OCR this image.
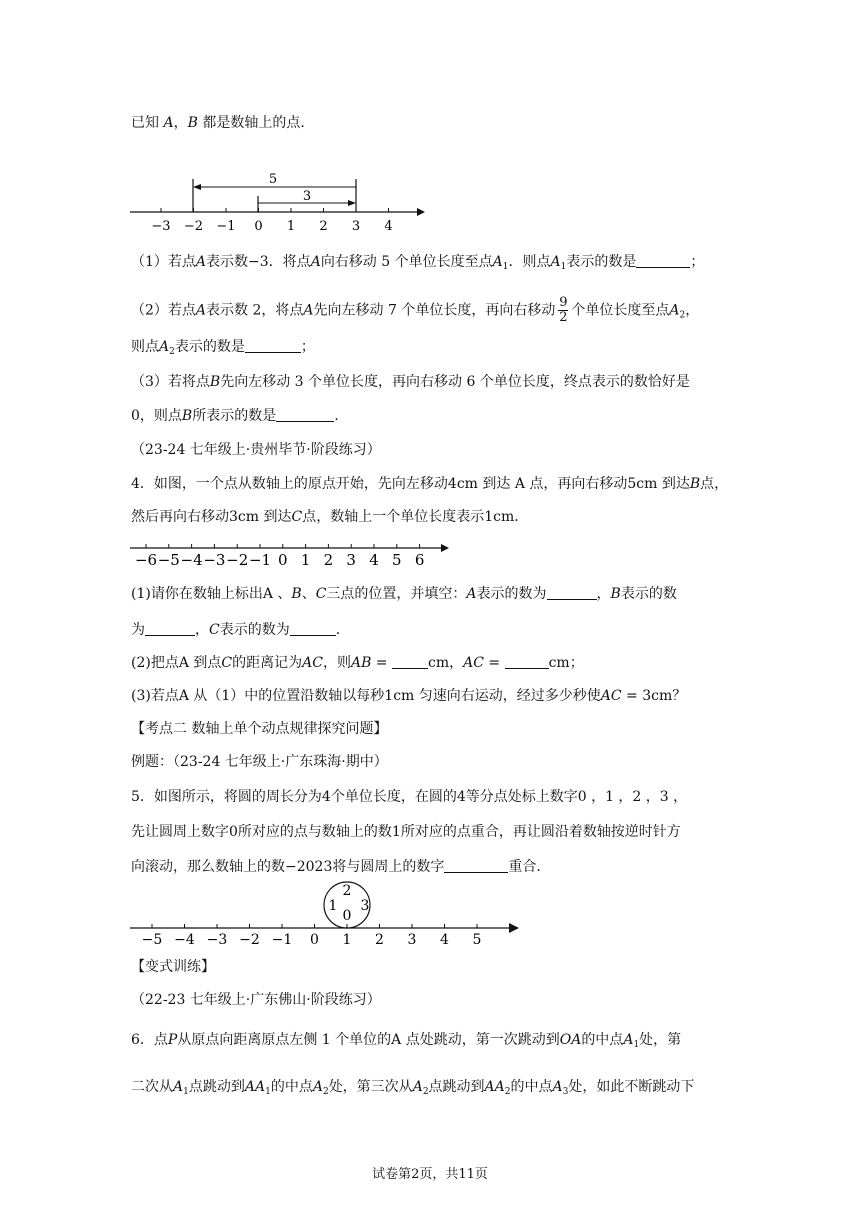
已知 A，B 都是数轴上的点.
−3 −2 −1 0 1 2 3 4
5
3
（1）若点A表示数−3．将点A向右移动 5 个单位长度至点$A_1$．则点$A_1$表示的数是	；
（2）若点A表示数 2，将点A先向左移动 7 个单位长度，再向右移动 $\frac{9}{2}$ 个单位长度至点$A_2$，
则点$A_2$表示的数是	；
（3）若将点B先向左移动 3 个单位长度，再向右移动 6 个单位长度，终点表示的数恰好是
0，则点B所表示的数是	.
（23-24 七年级上·贵州毕节·阶段练习）
4．如图，一个点从数轴上的原点开始，先向左移动4cm 到达 A 点，再向右移动5cm 到达B点，
然后再向右移动3cm 到达C点，数轴上一个单位长度表示1cm．
−6 −5 −4 −3 −2 −1 0 1 2 3 4 5 6
(1)请你在数轴上标出A 、B、C三点的位置，并填空：A表示的数为	，B表示的数
为	，C表示的数为	.
(2)把点A 到点C的距离记为AC，则AB =	cm，AC =	cm；
(3)若点A 从（1）中的位置沿数轴以每秒1cm 匀速向右运动，经过多少秒使AC = 3cm？
【考点二 数轴上单个动点规律探究问题】
例题：（23-24 七年级上·广东珠海·期中）
5．如图所示，将圆的周长分为4个单位长度，在圆的4等分点处标上数字0 ，1 ，2 ，3 ，
先让圆周上数字0所对应的点与数轴上的数1所对应的点重合，再让圆沿着数轴按逆时针方
向滚动，那么数轴上的数−2023将与圆周上的数字	重合.
−5 −4 −3 −2 −1 0 1 2 3 4 5
2
1 3
0
【变式训练】
（22-23 七年级上·广东佛山·阶段练习）
6．点P从原点向距离原点左侧 1 个单位的A 点处跳动，第一次跳动到OA的中点$A_1$处，第
二次从$A_1$点跳动到$AA_1$的中点$A_2$处，第三次从$A_2$点跳动到$AA_2$的中点$A_3$处，如此不断跳动下
试卷第2页，共11页
